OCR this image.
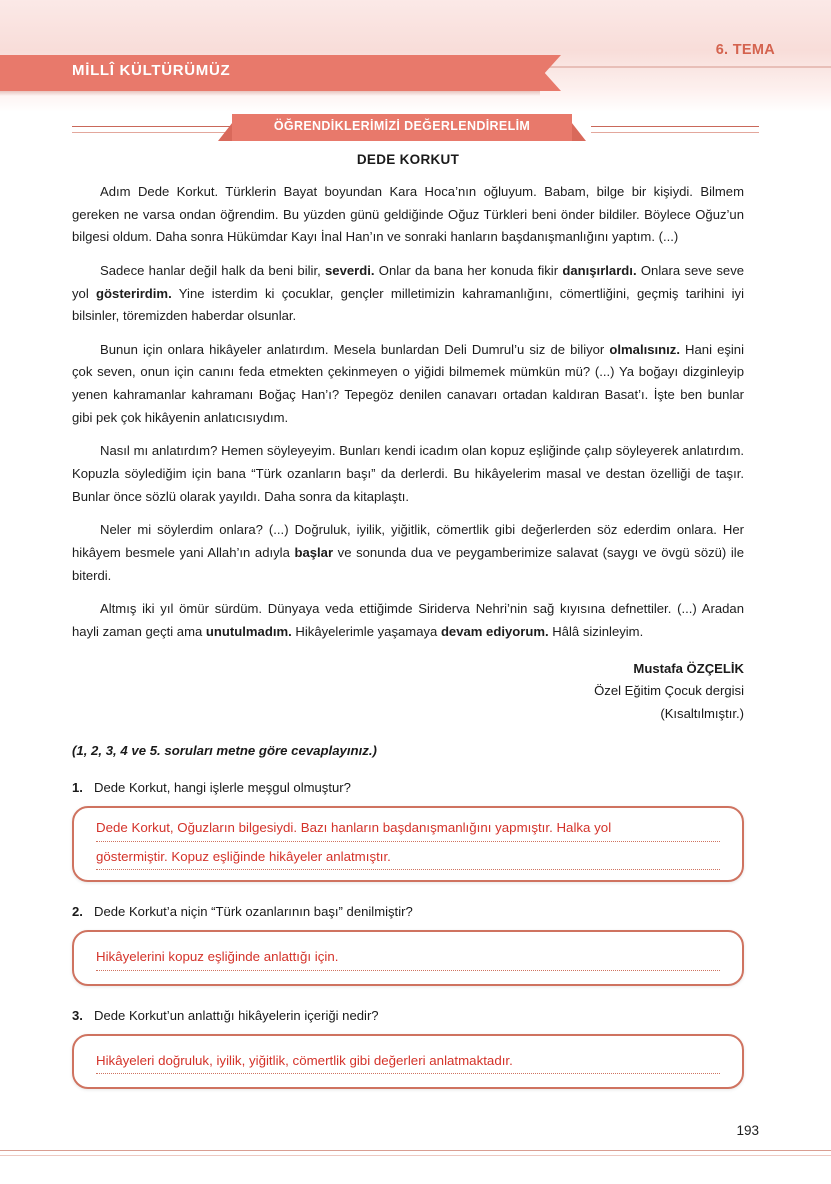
6. TEMA
MİLLÎ KÜLTÜRÜMÜZ
ÖĞRENDİKLERİMİZİ DEĞERLENDİRELİM
DEDE KORKUT

Adım Dede Korkut. Türklerin Bayat boyundan Kara Hoca’nın oğluyum. Babam, bilge bir kişiydi. Bilmem gereken ne varsa ondan öğrendim. Bu yüzden günü geldiğinde Oğuz Türkleri beni önder bildiler. Böylece Oğuz’un bilgesi oldum. Daha sonra Hükümdar Kayı İnal Han’ın ve sonraki hanların başdanışmanlığını yaptım. (...)

Sadece hanlar değil halk da beni bilir, severdi. Onlar da bana her konuda fikir danışırlardı. Onlara seve seve yol gösterirdim. Yine isterdim ki çocuklar, gençler milletimizin kahramanlığını, cömertliğini, geçmiş tarihini iyi bilsinler, töremizden haberdar olsunlar.

Bunun için onlara hikâyeler anlatırdım. Mesela bunlardan Deli Dumrul’u siz de biliyor olmalısınız. Hani eşini çok seven, onun için canını feda etmekten çekinmeyen o yiğidi bilmemek mümkün mü? (...) Ya boğayı dizginleyip yenen kahramanlar kahramanı Boğaç Han’ı? Tepegöz denilen canavarı ortadan kaldıran Basat’ı. İşte ben bunlar gibi pek çok hikâyenin anlatıcısıydım.

Nasıl mı anlatırdım? Hemen söyleyeyim. Bunları kendi icadım olan kopuz eşliğinde çalıp söyleyerek anlatırdım. Kopuzla söylediğim için bana “Türk ozanların başı” da derlerdi. Bu hikâyelerim masal ve destan özelliği de taşır. Bunlar önce sözlü olarak yayıldı. Daha sonra da kitaplaştı.

Neler mi söylerdim onlara? (...) Doğruluk, iyilik, yiğitlik, cömertlik gibi değerlerden söz ederdim onlara. Her hikâyem besmele yani Allah’ın adıyla başlar ve sonunda dua ve peygamberimize salavat (saygı ve övgü sözü) ile biterdi.

Altmış iki yıl ömür sürdüm. Dünyaya veda ettiğimde Siriderva Nehri’nin sağ kıyısına defnettiler. (...) Aradan hayli zaman geçti ama unutulmadım. Hikâyelerimle yaşamaya devam ediyorum. Hâlâ sizinleyim.

Mustafa ÖZÇELİK
Özel Eğitim Çocuk dergisi
(Kısaltılmıştır.)
(1, 2, 3, 4 ve 5. soruları metne göre cevaplayınız.)
1. Dede Korkut, hangi işlerle meşgul olmuştur?
Dede Korkut, Oğuzların bilgesiydi. Bazı hanların başdanışmanlığını yapmıştır. Halka yol
göstermiştir. Kopuz eşliğinde hikâyeler anlatmıştır.
2. Dede Korkut’a niçin “Türk ozanlarının başı” denilmiştir?
Hikâyelerini kopuz eşliğinde anlattığı için.
3. Dede Korkut’un anlattığı hikâyelerin içeriği nedir?
Hikâyeleri doğruluk, iyilik, yiğitlik, cömertlik gibi değerleri anlatmaktadır.
193
